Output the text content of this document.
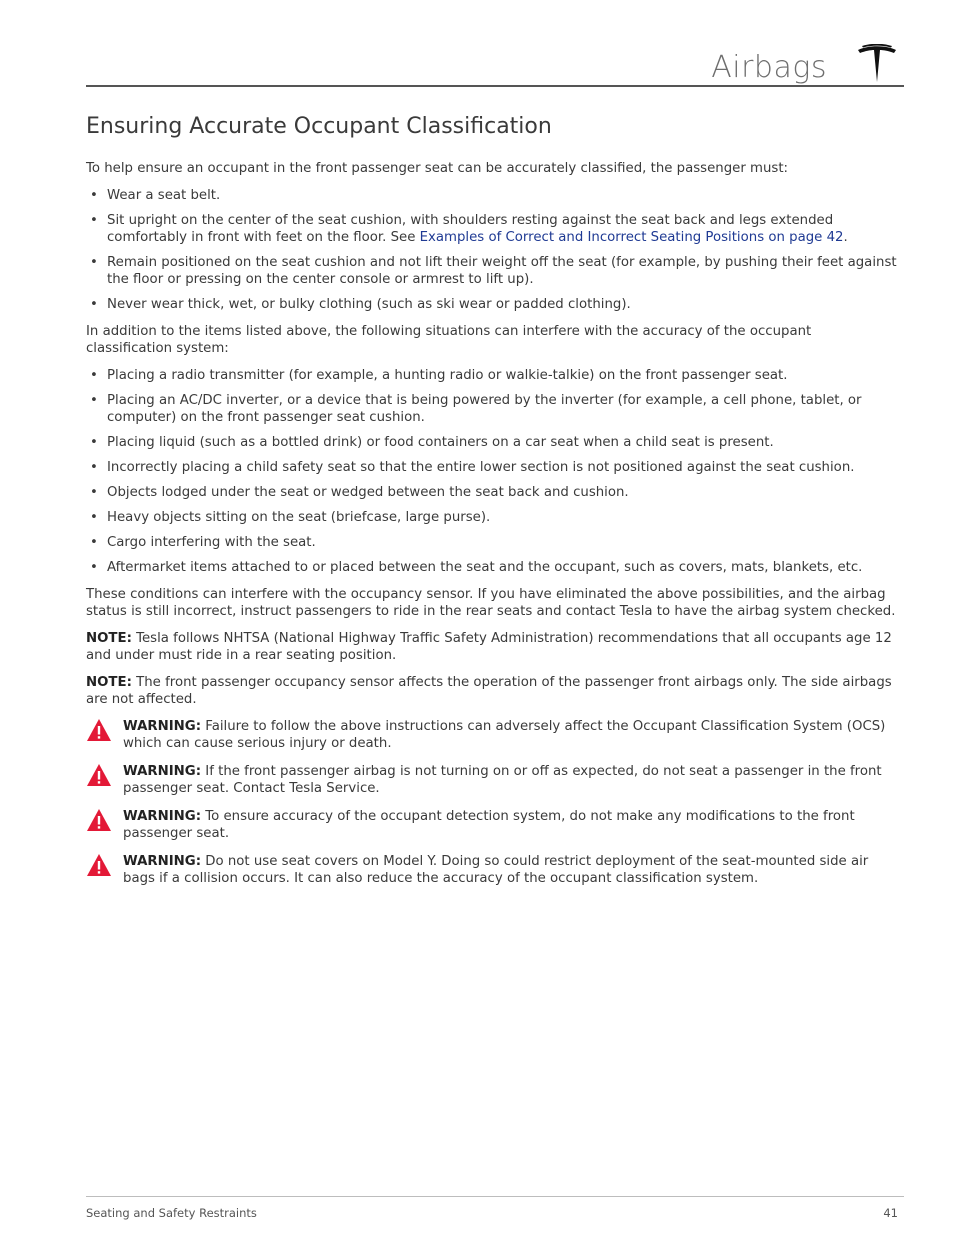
Airbags
Ensuring Accurate Occupant Classification

To help ensure an occupant in the front passenger seat can be accurately classified, the passenger must:

• Wear a seat belt.
• Sit upright on the center of the seat cushion, with shoulders resting against the seat back and legs extended comfortably in front with feet on the floor. See Examples of Correct and Incorrect Seating Positions on page 42.
• Remain positioned on the seat cushion and not lift their weight off the seat (for example, by pushing their feet against the floor or pressing on the center console or armrest to lift up).
• Never wear thick, wet, or bulky clothing (such as ski wear or padded clothing).

In addition to the items listed above, the following situations can interfere with the accuracy of the occupant classification system:

• Placing a radio transmitter (for example, a hunting radio or walkie-talkie) on the front passenger seat.
• Placing an AC/DC inverter, or a device that is being powered by the inverter (for example, a cell phone, tablet, or computer) on the front passenger seat cushion.
• Placing liquid (such as a bottled drink) or food containers on a car seat when a child seat is present.
• Incorrectly placing a child safety seat so that the entire lower section is not positioned against the seat cushion.
• Objects lodged under the seat or wedged between the seat back and cushion.
• Heavy objects sitting on the seat (briefcase, large purse).
• Cargo interfering with the seat.
• Aftermarket items attached to or placed between the seat and the occupant, such as covers, mats, blankets, etc.

These conditions can interfere with the occupancy sensor. If you have eliminated the above possibilities, and the airbag status is still incorrect, instruct passengers to ride in the rear seats and contact Tesla to have the airbag system checked.

NOTE: Tesla follows NHTSA (National Highway Traffic Safety Administration) recommendations that all occupants age 12 and under must ride in a rear seating position.

NOTE: The front passenger occupancy sensor affects the operation of the passenger front airbags only. The side airbags are not affected.

WARNING: Failure to follow the above instructions can adversely affect the Occupant Classification System (OCS) which can cause serious injury or death.
WARNING: If the front passenger airbag is not turning on or off as expected, do not seat a passenger in the front passenger seat. Contact Tesla Service.
WARNING: To ensure accuracy of the occupant detection system, do not make any modifications to the front passenger seat.
WARNING: Do not use seat covers on Model Y. Doing so could restrict deployment of the seat-mounted side air bags if a collision occurs. It can also reduce the accuracy of the occupant classification system.
Seating and Safety Restraints	41
